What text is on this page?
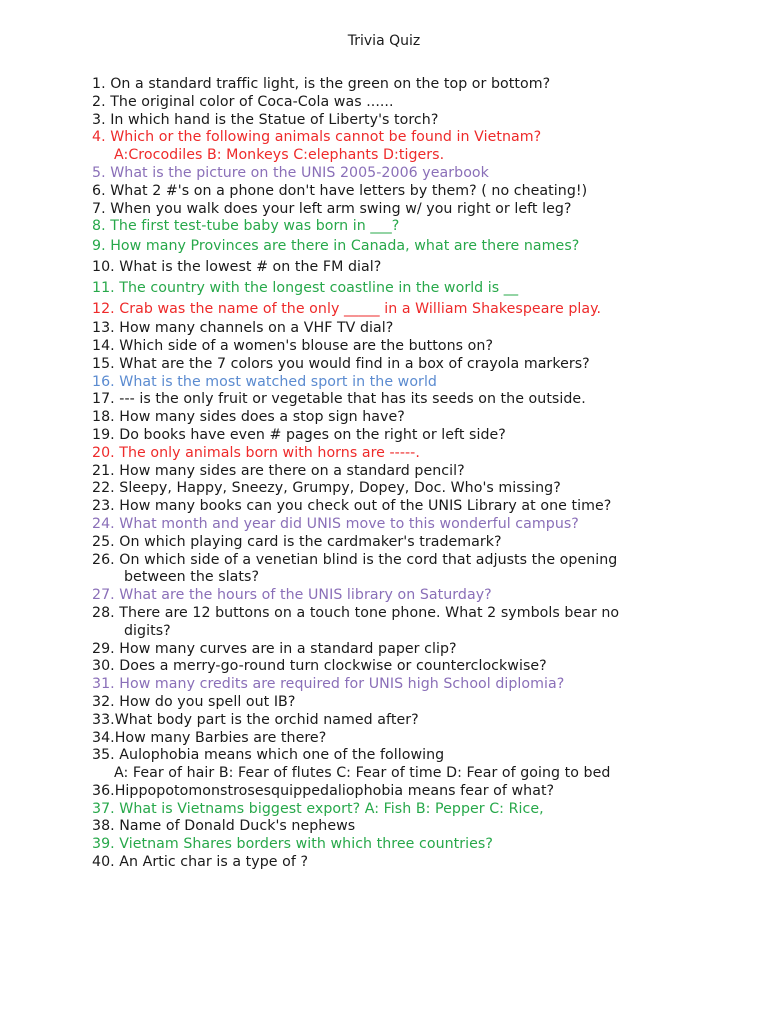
Trivia Quiz
1. On a standard traffic light, is the green on the top or bottom?
2. The original color of Coca-Cola was ......
3. In which hand is the Statue of Liberty's torch?
4. Which or the following animals cannot be found in Vietnam?
A:Crocodiles B: Monkeys C:elephants D:tigers.
5. What is the picture on the UNIS 2005-2006 yearbook
6. What 2 #'s on a phone don't have letters by them? ( no cheating!)
7. When you walk does your left arm swing w/ you right or left leg?
8. The first test-tube baby was born in ___?
9. How many Provinces are there in Canada, what are there names?
10. What is the lowest # on the FM dial?
11. The country with the longest coastline in the world is __
12. Crab was the name of the only _____ in a William Shakespeare play.
13. How many channels on a VHF TV dial?
14. Which side of a women's blouse are the buttons on?
15. What are the 7 colors you would find in a box of crayola markers?
16. What is the most watched sport in the world
17. --- is the only fruit or vegetable that has its seeds on the outside.
18. How many sides does a stop sign have?
19. Do books have even # pages on the right or left side?
20. The only animals born with horns are -----.
21. How many sides are there on a standard pencil?
22. Sleepy, Happy, Sneezy, Grumpy, Dopey, Doc. Who's missing?
23. How many books can you check out of the UNIS Library at one time?
24. What month and year did UNIS move to this wonderful campus?
25. On which playing card is the cardmaker's trademark?
26. On which side of a venetian blind is the cord that adjusts the opening
between the slats?
27. What are the hours of the UNIS library on Saturday?
28. There are 12 buttons on a touch tone phone. What 2 symbols bear no
digits?
29. How many curves are in a standard paper clip?
30. Does a merry-go-round turn clockwise or counterclockwise?
31. How many credits are required for UNIS high School diplomia?
32. How do you spell out IB?
33.What body part is the orchid named after?
34.How many Barbies are there?
35. Aulophobia means which one of the following
A: Fear of hair B: Fear of flutes C: Fear of time D: Fear of going to bed
36.Hippopotomonstrosesquippedaliophobia means fear of what?
37. What is Vietnams biggest export? A: Fish B: Pepper C: Rice,
38. Name of Donald Duck's nephews
39. Vietnam Shares borders with which three countries?
40. An Artic char is a type of ?
